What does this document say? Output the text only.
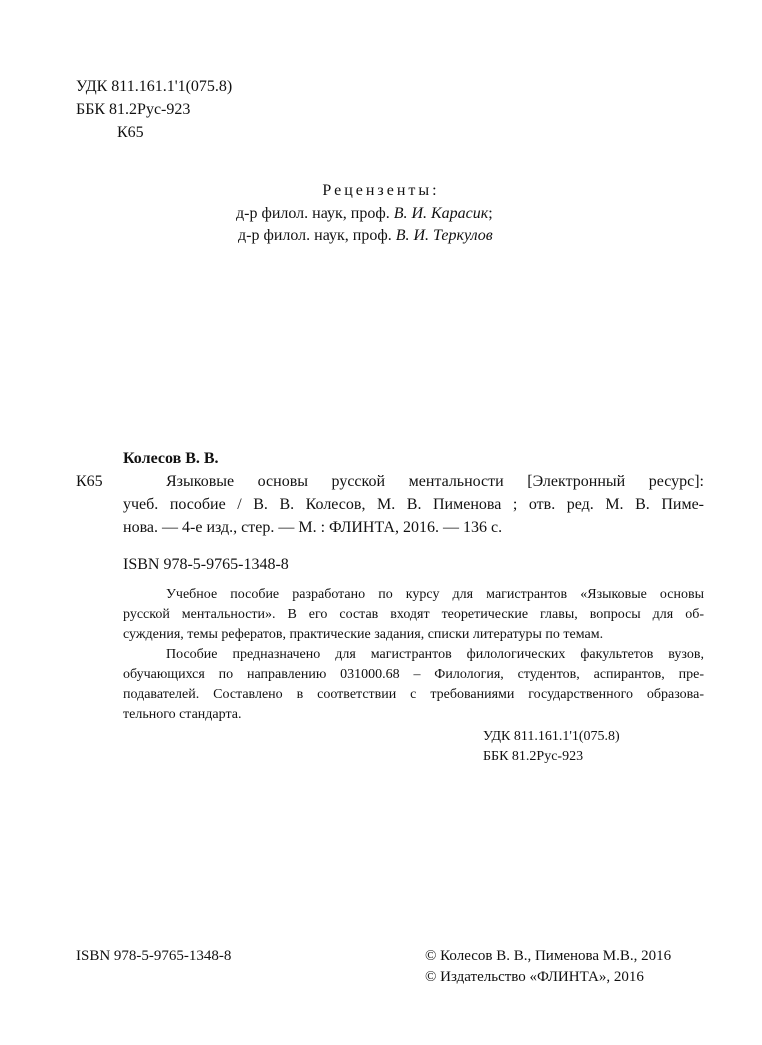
УДК 811.161.1'1(075.8)
ББК 81.2Рус-923
К65
Рецензенты:
д-р филол. наук, проф. В. И. Карасик;
д-р филол. наук, проф. В. И. Теркулов
Колесов В. В.
К65	Языковые основы русской ментальности [Электронный ресурс]:
учеб. пособие / В. В. Колесов, М. В. Пименова ; отв. ред. М. В. Пиме-
нова. — 4-е изд., стер. — М. : ФЛИНТА, 2016. — 136 с.
ISBN 978-5-9765-1348-8
Учебное пособие разработано по курсу для магистрантов «Языковые основы
русской ментальности». В его состав входят теоретические главы, вопросы для об-
суждения, темы рефератов, практические задания, списки литературы по темам.
Пособие предназначено для магистрантов филологических факультетов вузов,
обучающихся по направлению 031000.68 – Филология, студентов, аспирантов, пре-
подавателей. Составлено в соответствии с требованиями государственного образова-
тельного стандарта.
УДК 811.161.1'1(075.8)
ББК 81.2Рус-923
ISBN 978-5-9765-1348-8	© Колесов В. В., Пименова М.В., 2016
© Издательство «ФЛИНТА», 2016
